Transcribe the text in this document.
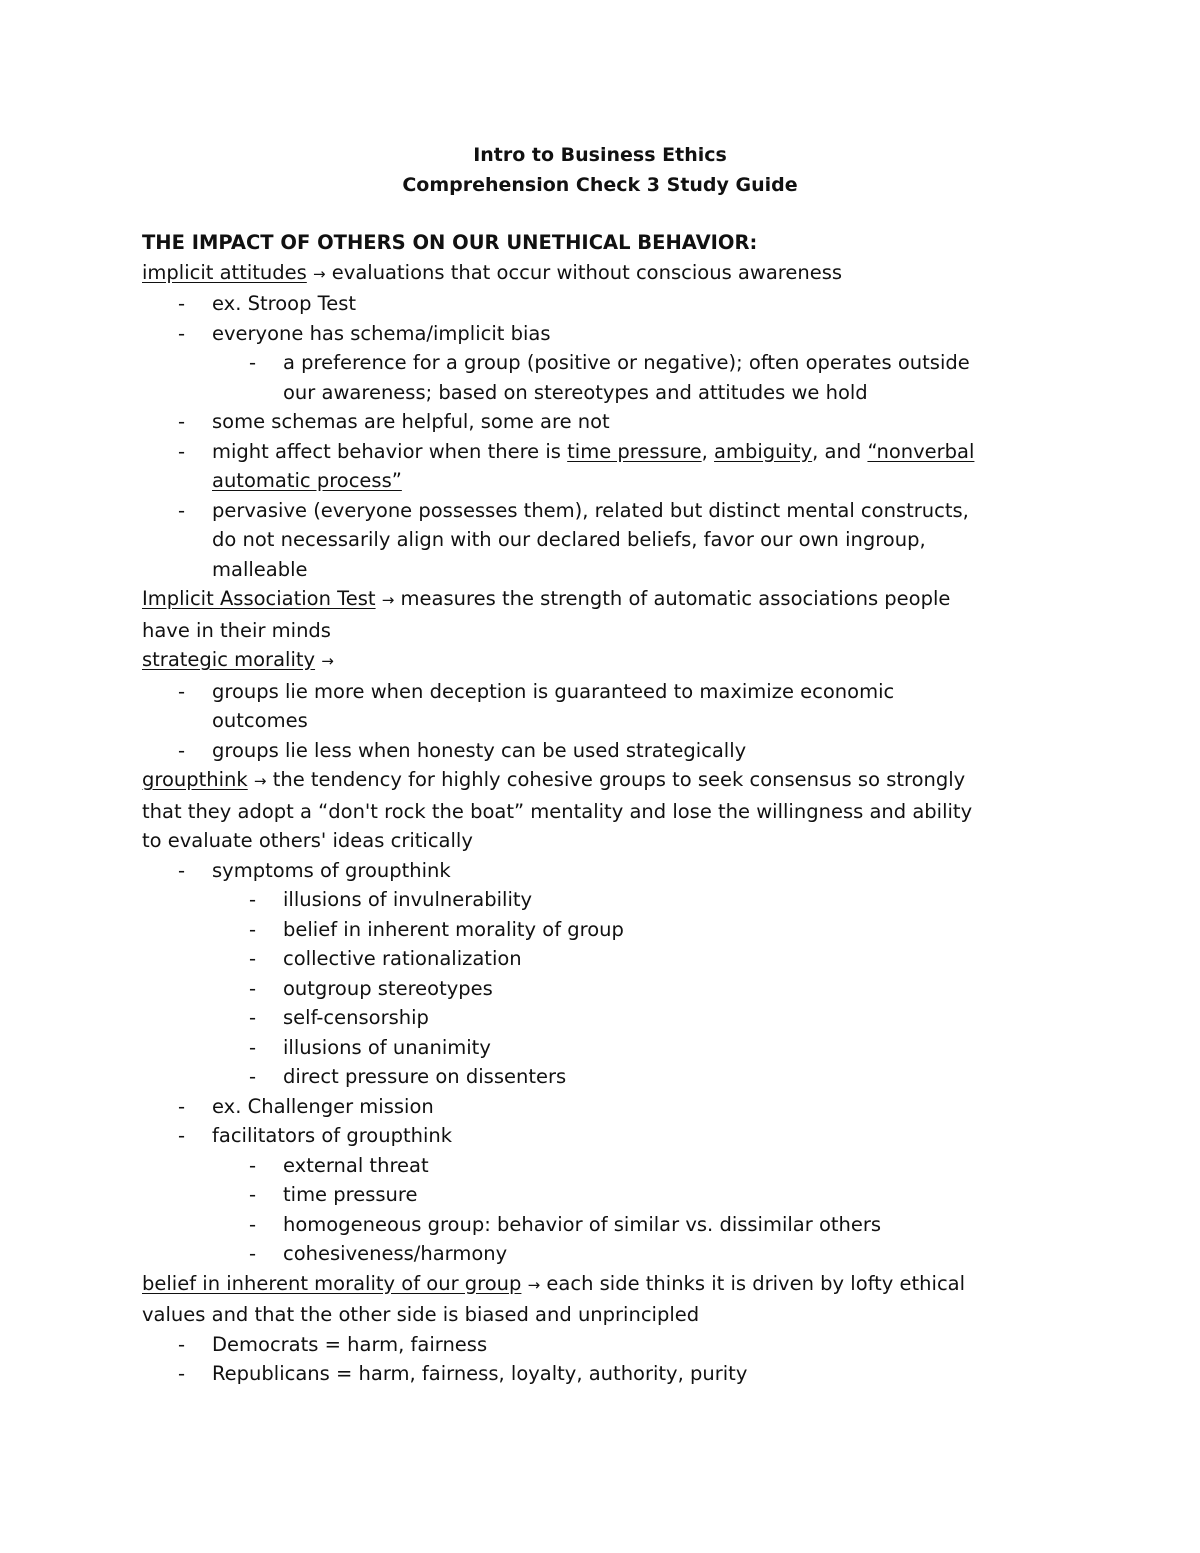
Intro to Business Ethics
Comprehension Check 3 Study Guide
THE IMPACT OF OTHERS ON OUR UNETHICAL BEHAVIOR:
implicit attitudes → evaluations that occur without conscious awareness
- ex. Stroop Test
- everyone has schema/implicit bias
- a preference for a group (positive or negative); often operates outside
our awareness; based on stereotypes and attitudes we hold
- some schemas are helpful, some are not
- might affect behavior when there is time pressure, ambiguity, and “nonverbal
automatic process”
- pervasive (everyone possesses them), related but distinct mental constructs,
do not necessarily align with our declared beliefs, favor our own ingroup,
malleable
Implicit Association Test → measures the strength of automatic associations people
have in their minds
strategic morality →
- groups lie more when deception is guaranteed to maximize economic
outcomes
- groups lie less when honesty can be used strategically
groupthink → the tendency for highly cohesive groups to seek consensus so strongly
that they adopt a “don't rock the boat” mentality and lose the willingness and ability
to evaluate others' ideas critically
- symptoms of groupthink
- illusions of invulnerability
- belief in inherent morality of group
- collective rationalization
- outgroup stereotypes
- self-censorship
- illusions of unanimity
- direct pressure on dissenters
- ex. Challenger mission
- facilitators of groupthink
- external threat
- time pressure
- homogeneous group: behavior of similar vs. dissimilar others
- cohesiveness/harmony
belief in inherent morality of our group → each side thinks it is driven by lofty ethical
values and that the other side is biased and unprincipled
- Democrats = harm, fairness
- Republicans = harm, fairness, loyalty, authority, purity
